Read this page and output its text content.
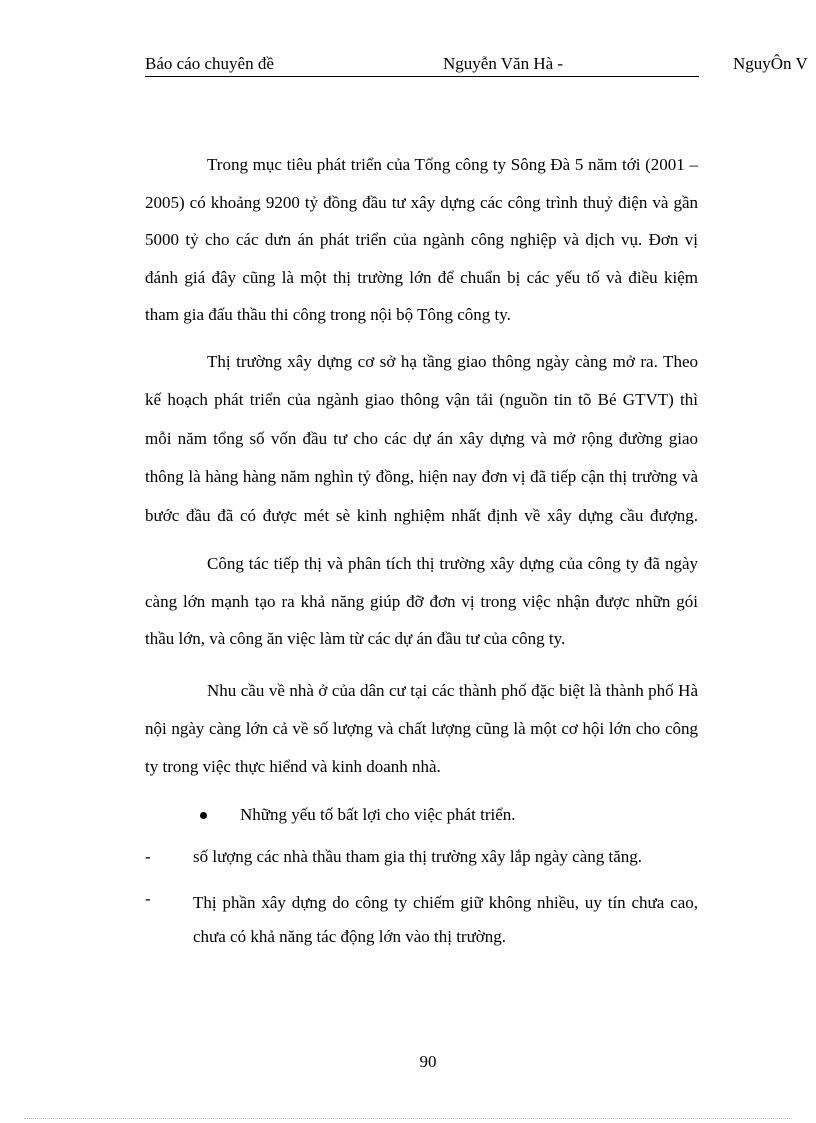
Báo cáo chuyên đề	Nguyễn Văn Hà -	NguyÔn V

Trong mục tiêu phát triển của Tổng công ty Sông Đà 5 năm tới (2001 – 2005) có khoảng 9200 tỷ đồng đầu tư xây dựng các công trình thuỷ điện và gần 5000 tỷ cho các dưn án phát triển của ngành công nghiệp và dịch vụ. Đơn vị đánh giá đây cũng là một thị trường lớn để chuẩn bị các yếu tố và điều kiệm tham gia đấu thầu thi công trong nội bộ Tông công ty.

Thị trường xây dựng cơ sở hạ tầng giao thông ngày càng mở ra. Theo kế hoạch phát triển của ngành giao thông vận tải (nguồn tin tõ Bé GTVT) thì mỗi năm tổng số vốn đầu tư cho các dự án xây dựng và mở rộng đường giao thông là hàng hàng năm nghìn tỷ đồng, hiện nay đơn vị đã tiếp cận thị trường và bước đầu đã có được mét sè kinh nghiệm nhất định về xây dựng cầu đượng.

Công tác tiếp thị và phân tích thị trường xây dựng của công ty đã ngày càng lớn mạnh tạo ra khả năng giúp đỡ đơn vị trong việc nhận được nhữn gói thầu lớn, và công ăn việc làm từ các dự án đầu tư của công ty.

Nhu cầu về nhà ở của dân cư tại các thành phố đặc biệt là thành phố Hà nội ngày càng lớn cả về số lượng và chất lượng cũng là một cơ hội lớn cho công ty trong việc thực hiểnd và kinh doanh nhà.

Những yếu tố bất lợi cho việc phát triển.
- số lượng các nhà thầu tham gia thị trường xây lắp ngày càng tăng.
- Thị phần xây dựng do công ty chiếm giữ không nhiều, uy tín chưa cao, chưa có khả năng tác động lớn vào thị trường.
90
